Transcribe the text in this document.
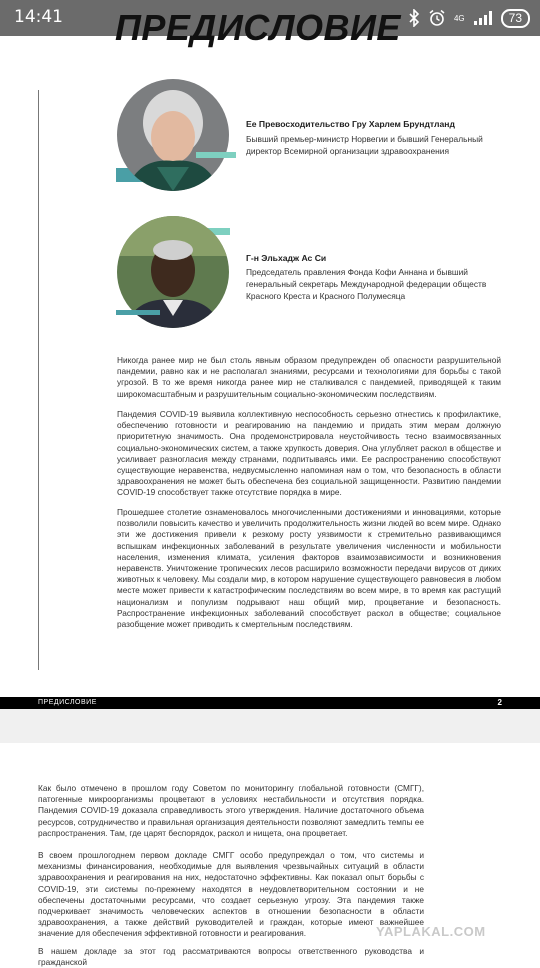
14:41	4G	73
ПРЕДИСЛОВИЕ
Ее Превосходительство Гру Харлем Брундтланд
Бывший премьер-министр Норвегии и бывший Генеральный директор Всемирной организации здравоохранения
Г-н Эльхадж Ас Си
Председатель правления Фонда Кофи Аннана и бывший генеральный секретарь Международной федерации обществ Красного Креста и Красного Полумесяца

Никогда ранее мир не был столь явным образом предупрежден об опасности разрушительной пандемии, равно как и не располагал знаниями, ресурсами и технологиями для борьбы с такой угрозой. В то же время никогда ранее мир не сталкивался с пандемией, приводящей к таким широкомасштабным и разрушительным социально-экономическим последствиям.

Пандемия COVID-19 выявила коллективную неспособность серьезно отнестись к профилактике, обеспечению готовности и реагированию на пандемию и придать этим мерам должную приоритетную значимость. Она продемонстрировала неустойчивость тесно взаимосвязанных социально-экономических систем, а также хрупкость доверия. Она углубляет раскол в обществе и усиливает разногласия между странами, подпитываясь ими. Ее распространению способствуют существующие неравенства, недвусмысленно напоминая нам о том, что безопасность в области здравоохранения не может быть обеспечена без социальной защищенности. Развитию пандемии COVID-19 способствует также отсутствие порядка в мире.

Прошедшее столетие ознаменовалось многочисленными достижениями и инновациями, которые позволили повысить качество и увеличить продолжительность жизни людей во всем мире. Однако эти же достижения привели к резкому росту уязвимости к стремительно развивающимся вспышкам инфекционных заболеваний в результате увеличения численности и мобильности населения, изменения климата, усиления факторов взаимозависимости и возникновения неравенств. Уничтожение тропических лесов расширило возможности передачи вирусов от диких животных к человеку. Мы создали мир, в котором нарушение существующего равновесия в любом месте может привести к катастрофическим последствиям во всем мире, в то время как растущий национализм и популизм подрывают наш общий мир, процветание и безопасность. Распространение инфекционных заболеваний способствует раскол в обществе; социальное разобщение может приводить к смертельным последствиям.

ПРЕДИСЛОВИЕ	2

Как было отмечено в прошлом году Советом по мониторингу глобальной готовности (СМГГ), патогенные микроорганизмы процветают в условиях нестабильности и отсутствия порядка. Пандемия COVID-19 доказала справедливость этого утверждения. Наличие достаточного объема ресурсов, сотрудничество и правильная организация деятельности позволяют замедлить темпы ее распространения. Там, где царят беспорядок, раскол и нищета, она процветает.

В своем прошлогоднем первом докладе СМГГ особо предупреждал о том, что системы и механизмы финансирования, необходимые для выявления чрезвычайных ситуаций в области здравоохранения и реагирования на них, недостаточно эффективны. Как показал опыт борьбы с COVID-19, эти системы по-прежнему находятся в неудовлетворительном состоянии и не обеспечены достаточными ресурсами, что создает серьезную угрозу. Эта пандемия также подчеркивает значимость человеческих аспектов в отношении безопасности в области здравоохранения, а также действий руководителей и граждан, которые имеют важнейшее значение для обеспечения эффективной готовности и реагирования.

В нашем докладе за этот год рассматриваются вопросы ответственного руководства и гражданской

YAPLAKAL.COM
